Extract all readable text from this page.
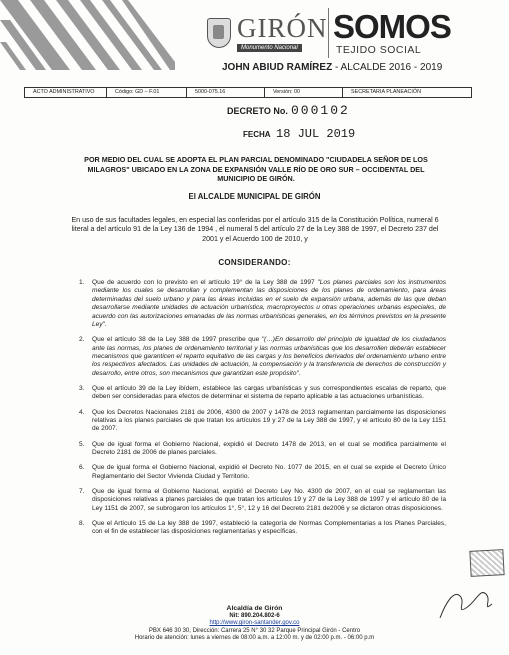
GIRÓN
Monumento Nacional
SOMOS
TEJIDO SOCIAL
JOHN ABIUD RAMÍREZ - ALCALDE 2016 - 2019
ACTO ADMINISTRATIVO	Código: GD – F.01	5000-075.16	Versión: 00	SECRETARIA PLANEACIÓN
DECRETO No. 000102
FECHA 18 JUL 2019
POR MEDIO DEL CUAL SE ADOPTA EL PLAN PARCIAL DENOMINADO "CIUDADELA SEÑOR DE LOS MILAGROS" UBICADO EN LA ZONA DE EXPANSIÓN VALLE RÍO DE ORO SUR – OCCIDENTAL DEL MUNICIPIO DE GIRÓN.
El ALCALDE MUNICIPAL DE GIRÓN
En uso de sus facultades legales, en especial las conferidas por el artículo 315 de la Constitución Política, numeral 6 literal a del artículo 91 de la Ley 136 de 1994 , el numeral 5 del artículo 27 de la Ley 388 de 1997, el Decreto 237 del 2001 y el Acuerdo 100 de 2010, y
CONSIDERANDO:
1. Que de acuerdo con lo previsto en el artículo 19° de la Ley 388 de 1997 "Los planes parciales son los instrumentos mediante los cuales se desarrollan y complementan las disposiciones de los planes de ordenamiento, para áreas determinadas del suelo urbano y para las áreas incluidas en el suelo de expansión urbana, además de las que deban desarrollarse mediante unidades de actuación urbanística, macroproyectos u otras operaciones urbanas especiales, de acuerdo con las autorizaciones emanadas de las normas urbanísticas generales, en los términos previstos en la presente Ley".
2. Que el artículo 38 de la Ley 388 de 1997 prescribe que "(…)En desarrollo del principio de igualdad de los ciudadanos ante las normas, los planes de ordenamiento territorial y las normas urbanísticas que los desarrollen deberán establecer mecanismos que garanticen el reparto equitativo de las cargas y los beneficios derivados del ordenamiento urbano entre los respectivos afectados. Las unidades de actuación, la compensación y la transferencia de derechos de construcción y desarrollo, entre otros, son mecanismos que garantizan este propósito".
3. Que el artículo 39 de la Ley ibídem, establece las cargas urbanísticas y sus correspondientes escalas de reparto, que deben ser consideradas para efectos de determinar el sistema de reparto aplicable a las actuaciones urbanísticas.
4. Que los Decretos Nacionales 2181 de 2006, 4300 de 2007 y 1478 de 2013 reglamentan parcialmente las disposiciones relativas a los planes parciales de que tratan los artículos 19 y 27 de la Ley 388 de 1997, y el artículo 80 de la Ley 1151 de 2007.
5. Que de igual forma el Gobierno Nacional, expidió el Decreto 1478 de 2013, en el cual se modifica parcialmente el Decreto 2181 de 2006 de planes parciales.
6. Que de igual forma el Gobierno Nacional, expidió el Decreto No. 1077 de 2015, en el cual se expide el Decreto Único Reglamentario del Sector Vivienda Ciudad y Territorio.
7. Que de igual forma el Gobierno Nacional, expidió el Decreto Ley No. 4300 de 2007, en el cual se reglamentan las disposiciones relativas a planes parciales de que tratan los artículos 19 y 27 de la Ley 388 de 1997 y el artículo 80 de la Ley 1151 de 2007, se subrogaron los artículos 1°, 5°, 12 y 16 del Decreto 2181 de2006 y se dictaron otras disposiciones.
8. Que el Artículo 15 de La ley 388 de 1997, estableció la categoría de Normas Complementarias a los Planes Parciales, con el fin de establecer las disposiciones reglamentarias y específicas.
Alcaldía de Girón
Nit: 890.204.802-6
http://www.giron-santander.gov.co
PBX 646 30 30, Dirección: Carrera 25 N° 30 32 Parque Principal Girón - Centro
Horario de atención: lunes a viernes de 08:00 a.m. a 12:00 m. y de 02:00 p.m. - 06:00 p.m
